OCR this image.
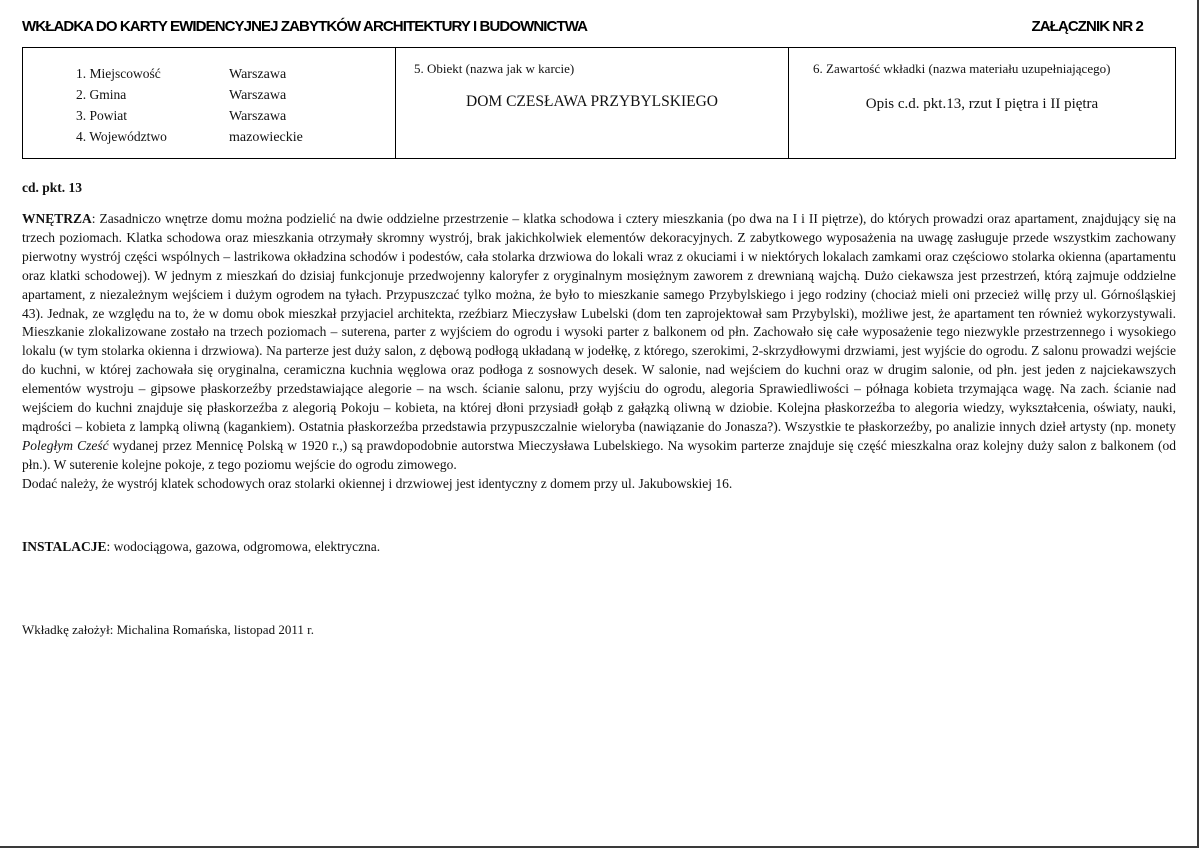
WKŁADKA DO KARTY EWIDENCYJNEJ ZABYTKÓW ARCHITEKTURY I BUDOWNICTWA	ZAŁĄCZNIK NR 2
1. Miejscowość	Warszawa
2. Gmina	Warszawa
3. Powiat	Warszawa
4. Województwo	mazowieckie
5. Obiekt (nazwa jak w karcie)
DOM CZESŁAWA PRZYBYLSKIEGO
6. Zawartość wkładki (nazwa materiału uzupełniającego)
Opis c.d. pkt.13, rzut I piętra i II piętra
cd. pkt. 13

WNĘTRZA: Zasadniczo wnętrze domu można podzielić na dwie oddzielne przestrzenie – klatka schodowa i cztery mieszkania (po dwa na I i II piętrze), do których prowadzi oraz apartament, znajdujący się na trzech poziomach. Klatka schodowa oraz mieszkania otrzymały skromny wystrój, brak jakichkolwiek elementów dekoracyjnych. Z zabytkowego wyposażenia na uwagę zasługuje przede wszystkim zachowany pierwotny wystrój części wspólnych – lastrikowa okładzina schodów i podestów, cała stolarka drzwiowa do lokali wraz z okuciami i w niektórych lokalach zamkami oraz częściowo stolarka okienna (apartamentu oraz klatki schodowej). W jednym z mieszkań do dzisiaj funkcjonuje przedwojenny kaloryfer z oryginalnym mosiężnym zaworem z drewnianą wajchą. Dużo ciekawsza jest przestrzeń, którą zajmuje oddzielne apartament, z niezależnym wejściem i dużym ogrodem na tyłach. Przypuszczać tylko można, że było to mieszkanie samego Przybylskiego i jego rodziny (chociaż mieli oni przecież willę przy ul. Górnośląskiej 43). Jednak, ze względu na to, że w domu obok mieszkał przyjaciel architekta, rzeźbiarz Mieczysław Lubelski (dom ten zaprojektował sam Przybylski), możliwe jest, że apartament ten również wykorzystywali. Mieszkanie zlokalizowane zostało na trzech poziomach – suterena, parter z wyjściem do ogrodu i wysoki parter z balkonem od płn. Zachowało się całe wyposażenie tego niezwykle przestrzennego i wysokiego lokalu (w tym stolarka okienna i drzwiowa). Na parterze jest duży salon, z dębową podłogą układaną w jodełkę, z którego, szerokimi, 2-skrzydłowymi drzwiami, jest wyjście do ogrodu. Z salonu prowadzi wejście do kuchni, w której zachowała się oryginalna, ceramiczna kuchnia węglowa oraz podłoga z sosnowych desek. W salonie, nad wejściem do kuchni oraz w drugim salonie, od płn. jest jeden z najciekawszych elementów wystroju – gipsowe płaskorzeźby przedstawiające alegorie – na wsch. ścianie salonu, przy wyjściu do ogrodu, alegoria Sprawiedliwości – półnaga kobieta trzymająca wagę. Na zach. ścianie nad wejściem do kuchni znajduje się płaskorzeźba z alegorią Pokoju – kobieta, na której dłoni przysiadł gołąb z gałązką oliwną w dziobie. Kolejna płaskorzeźba to alegoria wiedzy, wykształcenia, oświaty, nauki, mądrości – kobieta z lampką oliwną (kagankiem). Ostatnia płaskorzeźba przedstawia przypuszczalnie wieloryba (nawiązanie do Jonasza?). Wszystkie te płaskorzeźby, po analizie innych dzieł artysty (np. monety Poległym Cześć wydanej przez Mennicę Polską w 1920 r.,) są prawdopodobnie autorstwa Mieczysława Lubelskiego. Na wysokim parterze znajduje się część mieszkalna oraz kolejny duży salon z balkonem (od płn.). W suterenie kolejne pokoje, z tego poziomu wejście do ogrodu zimowego.

Dodać należy, że wystrój klatek schodowych oraz stolarki okiennej i drzwiowej jest identyczny z domem przy ul. Jakubowskiej 16.

INSTALACJE: wodociągowa, gazowa, odgromowa, elektryczna.
Wkładkę założył: Michalina Romańska, listopad 2011 r.
